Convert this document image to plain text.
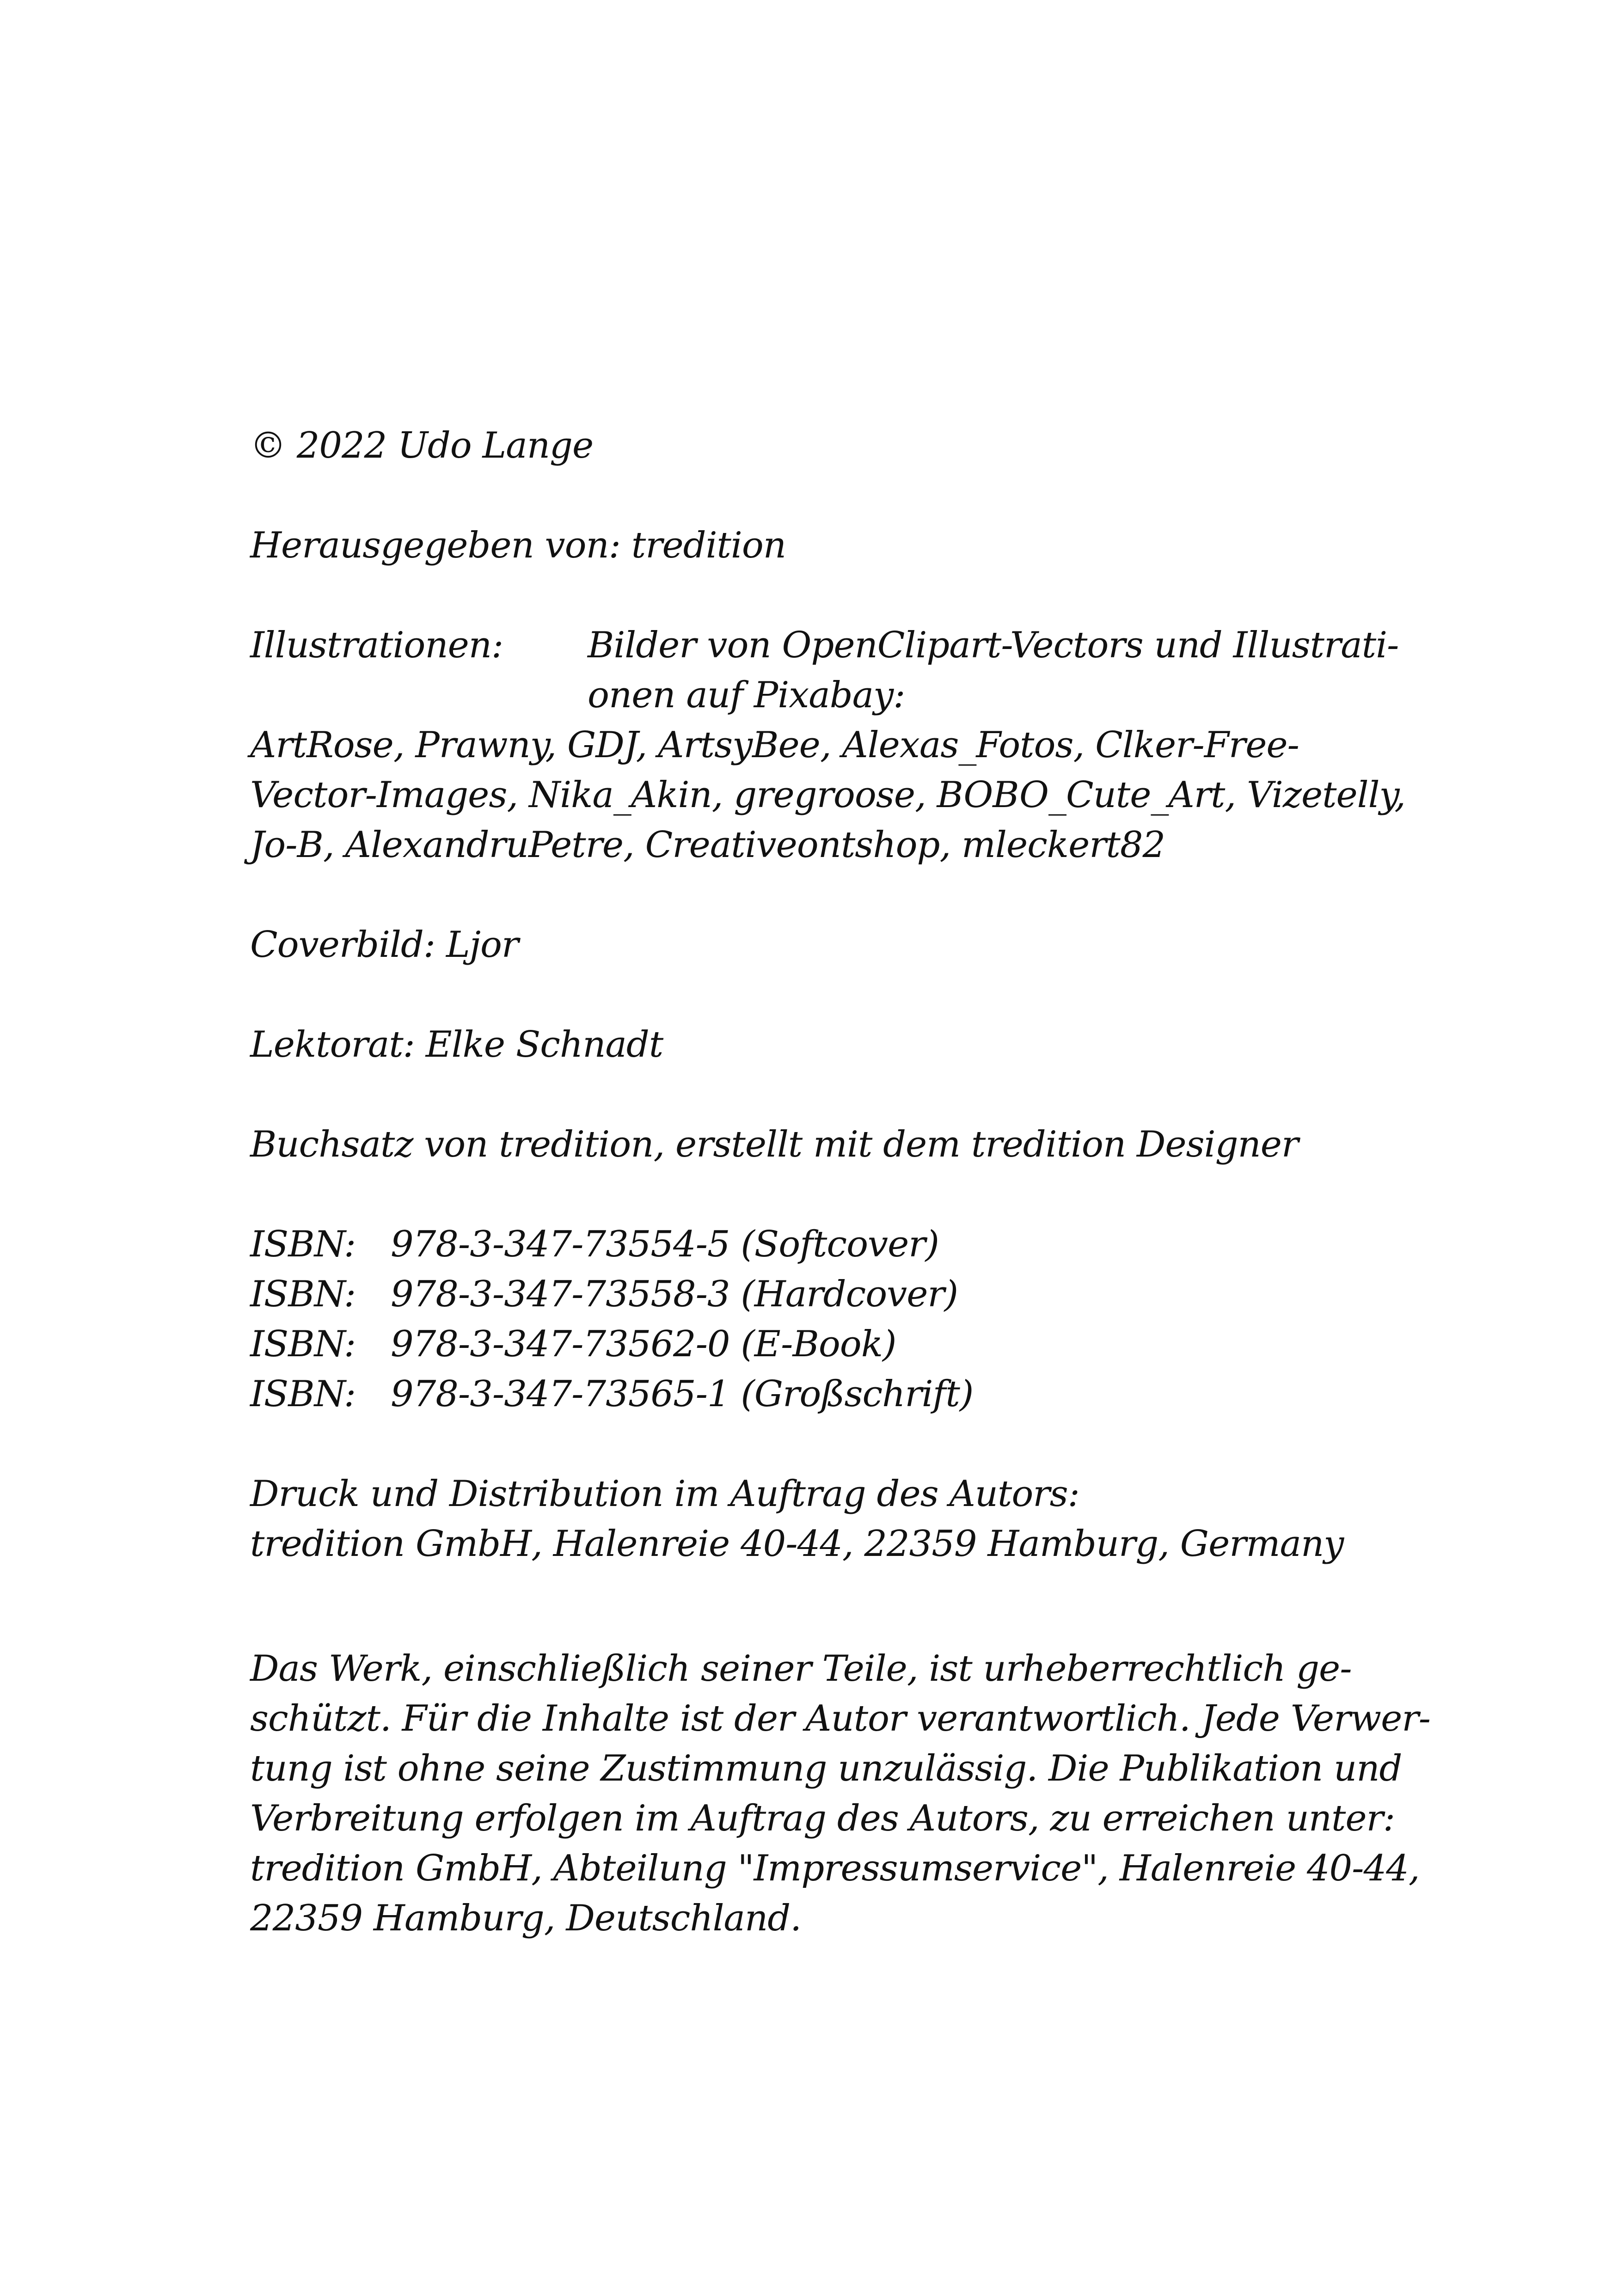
© 2022 Udo Lange
Herausgegeben von: tredition
Illustrationen:	Bilder von OpenClipart-Vectors und Illustrati-
onen auf Pixabay:
ArtRose, Prawny, GDJ, ArtsyBee, Alexas_Fotos, Clker-Free-
Vector-Images, Nika_Akin, gregroose, BOBO_Cute_Art, Vizetelly,
Jo-B, AlexandruPetre, Creativeontshop, mleckert82
Coverbild: Ljor
Lektorat: Elke Schnadt
Buchsatz von tredition, erstellt mit dem tredition Designer
ISBN: 978-3-347-73554-5 (Softcover)
ISBN: 978-3-347-73558-3 (Hardcover)
ISBN: 978-3-347-73562-0 (E-Book)
ISBN: 978-3-347-73565-1 (Großschrift)
Druck und Distribution im Auftrag des Autors:
tredition GmbH, Halenreie 40-44, 22359 Hamburg, Germany
Das Werk, einschließlich seiner Teile, ist urheberrechtlich ge-
schützt. Für die Inhalte ist der Autor verantwortlich. Jede Verwer-
tung ist ohne seine Zustimmung unzulässig. Die Publikation und
Verbreitung erfolgen im Auftrag des Autors, zu erreichen unter:
tredition GmbH, Abteilung "Impressumservice", Halenreie 40-44,
22359 Hamburg, Deutschland.
